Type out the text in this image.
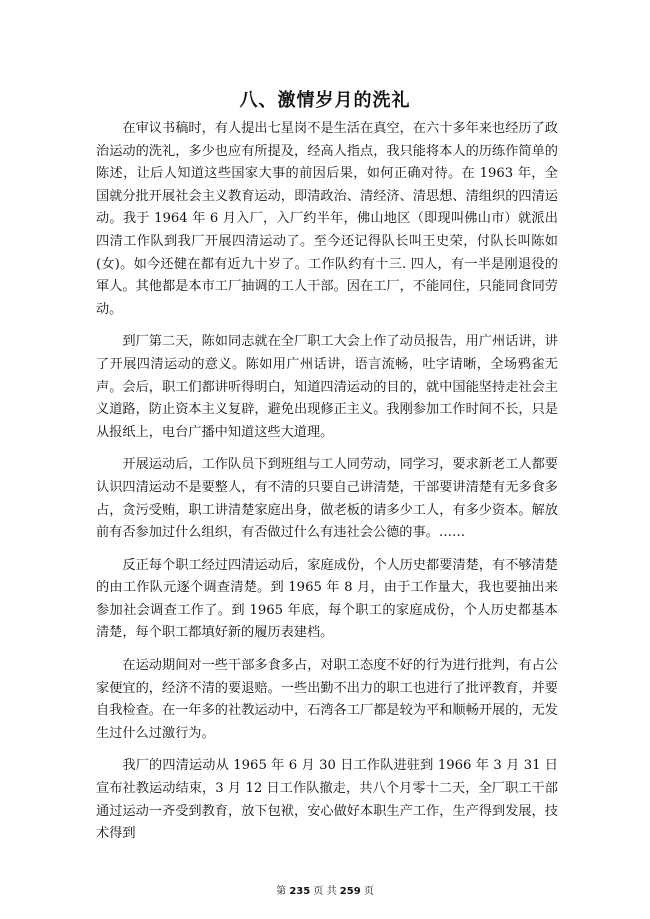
八、激情岁月的洗礼

在审议书稿时，有人提出七星岗不是生活在真空，在六十多年来也经历了政治运动的洗礼，多少也应有所提及，经高人指点，我只能将本人的历练作简单的陈述，让后人知道这些国家大事的前因后果，如何正确对待。在 1963 年，全国就分批开展社会主义教育运动，即清政治、清经济、清思想、清组织的四清运动。我于 1964 年 6 月入厂，入厂约半年，佛山地区（即现叫佛山市）就派出四清工作队到我厂开展四清运动了。至今还记得队长叫王史荣，付队长叫陈如(女)。如今还健在都有近九十岁了。工作队约有十三. 四人，有一半是刚退役的軍人。其他都是本市工厂抽调的工人干部。因在工厂，不能同住，只能同食同劳动。

到厂第二天，陈如同志就在全厂职工大会上作了动员报告，用广州话讲，讲了开展四清运动的意义。陈如用广州话讲，语言流畅，吐字请晰，全场鸦雀无声。会后，职工们都讲听得明白，知道四清运动的目的，就中国能坚持走社会主义道路，防止资本主义复辟，避免出现修正主义。我刚参加工作时间不长，只是从报纸上，电台广播中知道这些大道理。

开展运动后，工作队员下到班组与工人同劳动，同学习，要求新老工人都要认识四清运动不是要整人，有不清的只要自己讲清楚，干部要讲清楚有无多食多占，贪污受贿，职工讲清楚家庭出身，做老板的请多少工人，有多少资本。解放前有否参加过什么组织，有否做过什么有违社会公德的事。……

反正每个职工经过四清运动后，家庭成份，个人历史都要清楚，有不够清楚的由工作队元逐个调查清楚。到 1965 年 8 月，由于工作量大，我也要抽出来参加社会调查工作了。到 1965 年底，每个职工的家庭成份，个人历史都基本清楚，每个职工都填好新的履历表建档。

在运动期间对一些干部多食多占，对职工态度不好的行为进行批判，有占公家便宜的，经济不清的要退赔。一些出勤不出力的职工也进行了批评教育，并要自我检查。在一年多的社教运动中，石湾各工厂都是较为平和顺畅开展的，无发生过什么过激行为。

我厂的四清运动从 1965 年 6 月 30 日工作队进驻到 1966 年 3 月 31 日宣布社教运动结束，3 月 12 日工作队撤走，共八个月零十二天，全厂职工干部通过运动一齐受到教育，放下包袱，安心做好本职生产工作，生产得到发展，技术得到

第 235 页 共 259 页
